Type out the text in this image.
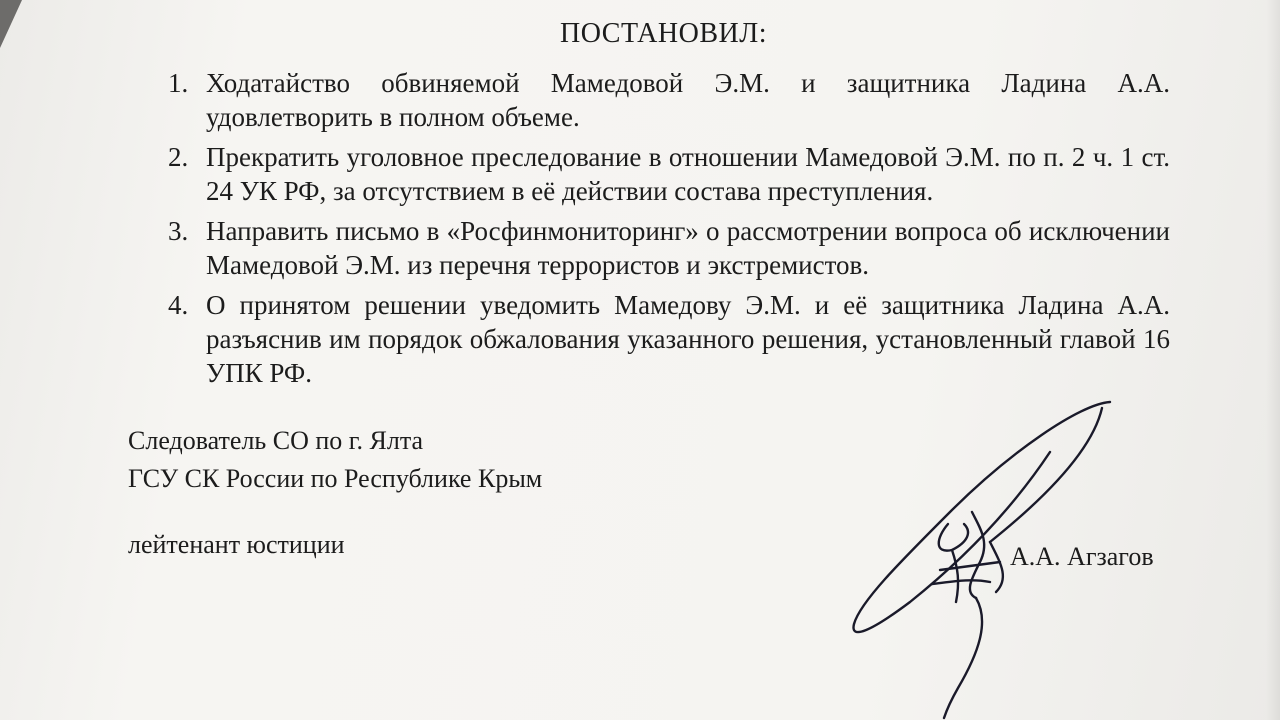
ПОСТАНОВИЛ:
1. Ходатайство обвиняемой Мамедовой Э.М. и защитника Ладина А.А. удовлетворить в полном объеме.
2. Прекратить уголовное преследование в отношении Мамедовой Э.М. по п. 2 ч. 1 ст. 24 УК РФ, за отсутствием в её действии состава преступления.
3. Направить письмо в «Росфинмониторинг» о рассмотрении вопроса об исключении Мамедовой Э.М. из перечня террористов и экстремистов.
4. О принятом решении уведомить Мамедову Э.М. и её защитника Ладина А.А. разъяснив им порядок обжалования указанного решения, установленный главой 16 УПК РФ.
Следователь СО по г. Ялта
ГСУ СК России по Республике Крым
лейтенант юстиции	А.А. Агзагов
